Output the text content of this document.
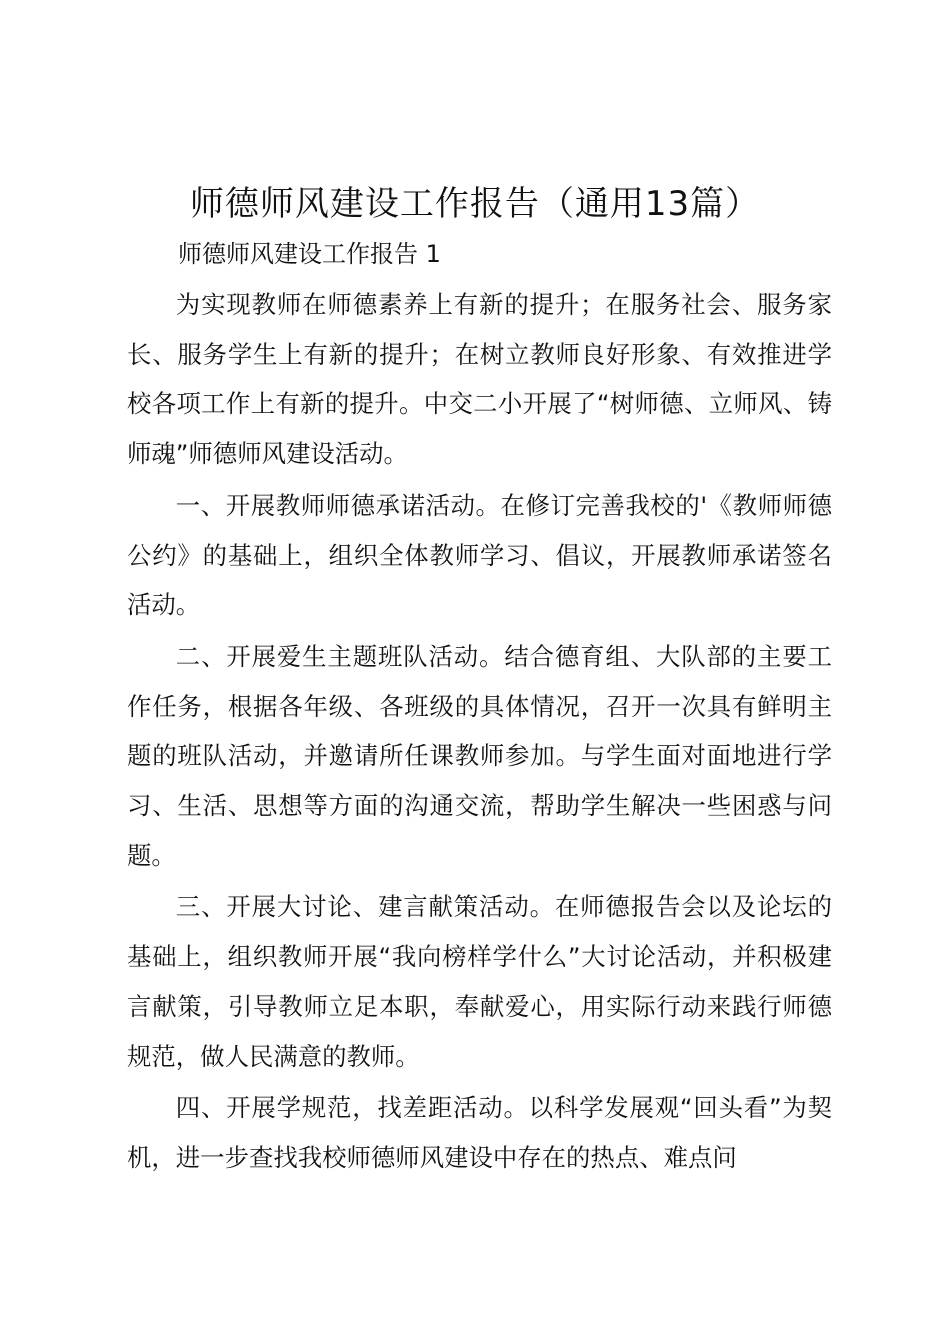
师德师风建设工作报告（通用13篇）
师德师风建设工作报告 1

为实现教师在师德素养上有新的提升；在服务社会、服务家长、服务学生上有新的提升；在树立教师良好形象、有效推进学校各项工作上有新的提升。中交二小开展了“树师德、立师风、铸师魂”师德师风建设活动。

一、开展教师师德承诺活动。在修订完善我校的'《教师师德公约》的基础上，组织全体教师学习、倡议，开展教师承诺签名活动。

二、开展爱生主题班队活动。结合德育组、大队部的主要工作任务，根据各年级、各班级的具体情况，召开一次具有鲜明主题的班队活动，并邀请所任课教师参加。与学生面对面地进行学习、生活、思想等方面的沟通交流，帮助学生解决一些困惑与问题。

三、开展大讨论、建言献策活动。在师德报告会以及论坛的基础上，组织教师开展“我向榜样学什么”大讨论活动，并积极建言献策，引导教师立足本职，奉献爱心，用实际行动来践行师德规范，做人民满意的教师。

四、开展学规范，找差距活动。以科学发展观“回头看”为契机，进一步查找我校师德师风建设中存在的热点、难点问
